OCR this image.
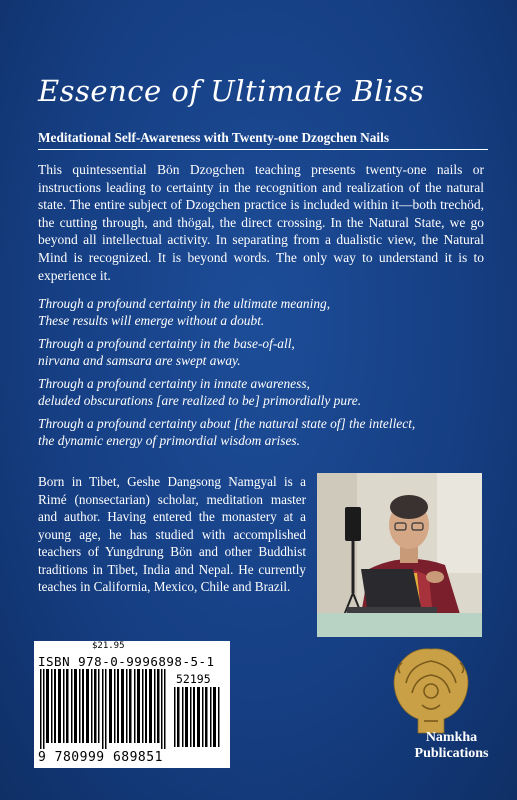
Essence of Ultimate Bliss

Meditational Self-Awareness with Twenty-one Dzogchen Nails

This quintessential Bön Dzogchen teaching presents twenty-one nails or instructions leading to certainty in the recognition and realization of the natural state. The entire subject of Dzogchen practice is included within it—both trechöd, the cutting through, and thögal, the direct crossing. In the Natural State, we go beyond all intellectual activity. In separating from a dualistic view, the Natural Mind is recognized. It is beyond words. The only way to understand it is to experience it.

Through a profound certainty in the ultimate meaning,
These results will emerge without a doubt.

Through a profound certainty in the base-of-all,
nirvana and samsara are swept away.

Through a profound certainty in innate awareness,
deluded obscurations [are realized to be] primordially pure.

Through a profound certainty about [the natural state of] the intellect,
the dynamic energy of primordial wisdom arises.

Born in Tibet, Geshe Dangsong Namgyal is a Rimé (nonsectarian) scholar, meditation master and author. Having entered the monastery at a young age, he has studied with accomplished teachers of Yungdrung Bön and other Buddhist traditions in Tibet, India and Nepal. He currently teaches in California, Mexico, Chile and Brazil.

$21.95
ISBN 978-0-9996898-5-1
52195
9 780999 689851

Namkha
Publications
